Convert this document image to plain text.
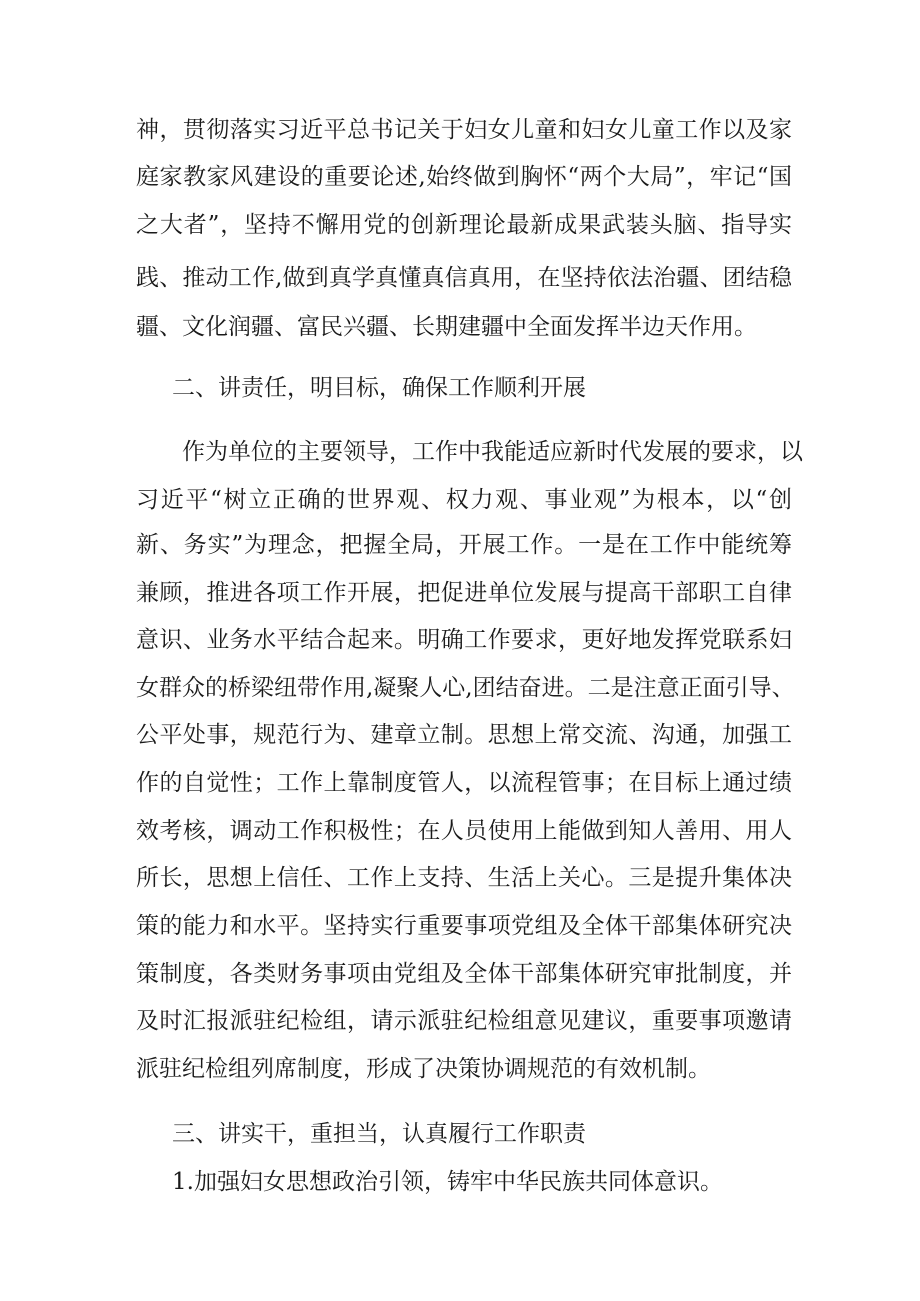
神，贯彻落实习近平总书记关于妇女儿童和妇女儿童工作以及家
庭家教家风建设的重要论述,始终做到胸怀“两个大局”，牢记“国
之大者”，坚持不懈用党的创新理论最新成果武装头脑、指导实
践、推动工作,做到真学真懂真信真用，在坚持依法治疆、团结稳
疆、文化润疆、富民兴疆、长期建疆中全面发挥半边天作用。
二、讲责任，明目标，确保工作顺利开展
作为单位的主要领导，工作中我能适应新时代发展的要求，以
习近平“树立正确的世界观、权力观、事业观”为根本，以“创
新、务实”为理念，把握全局，开展工作。一是在工作中能统筹
兼顾，推进各项工作开展，把促进单位发展与提高干部职工自律
意识、业务水平结合起来。明确工作要求，更好地发挥党联系妇
女群众的桥梁纽带作用,凝聚人心,团结奋进。二是注意正面引导、
公平处事，规范行为、建章立制。思想上常交流、沟通，加强工
作的自觉性；工作上靠制度管人，以流程管事；在目标上通过绩
效考核，调动工作积极性；在人员使用上能做到知人善用、用人
所长，思想上信任、工作上支持、生活上关心。三是提升集体决
策的能力和水平。坚持实行重要事项党组及全体干部集体研究决
策制度，各类财务事项由党组及全体干部集体研究审批制度，并
及时汇报派驻纪检组，请示派驻纪检组意见建议，重要事项邀请
派驻纪检组列席制度，形成了决策协调规范的有效机制。
三、讲实干，重担当，认真履行工作职责
1.加强妇女思想政治引领，铸牢中华民族共同体意识。
